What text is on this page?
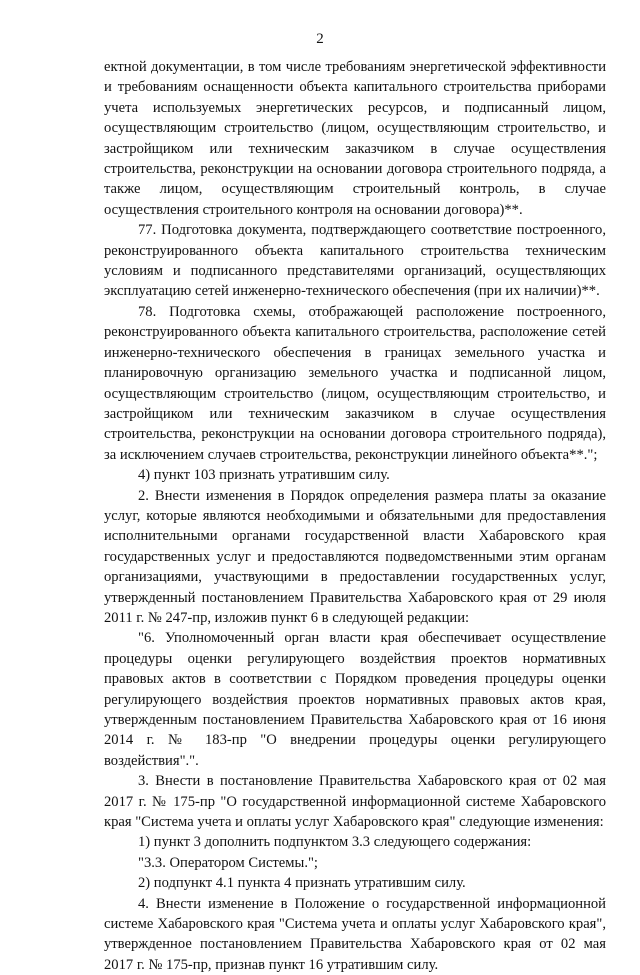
2

ектной документации, в том числе требованиям энергетической эффективности и требованиям оснащенности объекта капитального строительства приборами учета используемых энергетических ресурсов, и подписанный лицом, осуществляющим строительство (лицом, осуществляющим строительство, и застройщиком или техническим заказчиком в случае осуществления строительства, реконструкции на основании договора строительного подряда, а также лицом, осуществляющим строительный контроль, в случае осуществления строительного контроля на основании договора)**.

77. Подготовка документа, подтверждающего соответствие построенного, реконструированного объекта капитального строительства техническим условиям и подписанного представителями организаций, осуществляющих эксплуатацию сетей инженерно-технического обеспечения (при их наличии)**.

78. Подготовка схемы, отображающей расположение построенного, реконструированного объекта капитального строительства, расположение сетей инженерно-технического обеспечения в границах земельного участка и планировочную организацию земельного участка и подписанной лицом, осуществляющим строительство (лицом, осуществляющим строительство, и застройщиком или техническим заказчиком в случае осуществления строительства, реконструкции на основании договора строительного подряда), за исключением случаев строительства, реконструкции линейного объекта**.";

4) пункт 103 признать утратившим силу.

2. Внести изменения в Порядок определения размера платы за оказание услуг, которые являются необходимыми и обязательными для предоставления исполнительными органами государственной власти Хабаровского края государственных услуг и предоставляются подведомственными этим органам организациями, участвующими в предоставлении государственных услуг, утвержденный постановлением Правительства Хабаровского края от 29 июля 2011 г. № 247-пр, изложив пункт 6 в следующей редакции:

"6. Уполномоченный орган власти края обеспечивает осуществление процедуры оценки регулирующего воздействия проектов нормативных правовых актов в соответствии с Порядком проведения процедуры оценки регулирующего воздействия проектов нормативных правовых актов края, утвержденным постановлением Правительства Хабаровского края от 16 июня 2014 г. № 183-пр "О внедрении процедуры оценки регулирующего воздействия".".

3. Внести в постановление Правительства Хабаровского края от 02 мая 2017 г. № 175-пр "О государственной информационной системе Хабаровского края "Система учета и оплаты услуг Хабаровского края" следующие изменения:

1) пункт 3 дополнить подпунктом 3.3 следующего содержания:

"3.3. Оператором Системы.";

2) подпункт 4.1 пункта 4 признать утратившим силу.

4. Внести изменение в Положение о государственной информационной системе Хабаровского края "Система учета и оплаты услуг Хабаровского края", утвержденное постановлением Правительства Хабаровского края от 02 мая 2017 г. № 175-пр, признав пункт 16 утратившим силу.
